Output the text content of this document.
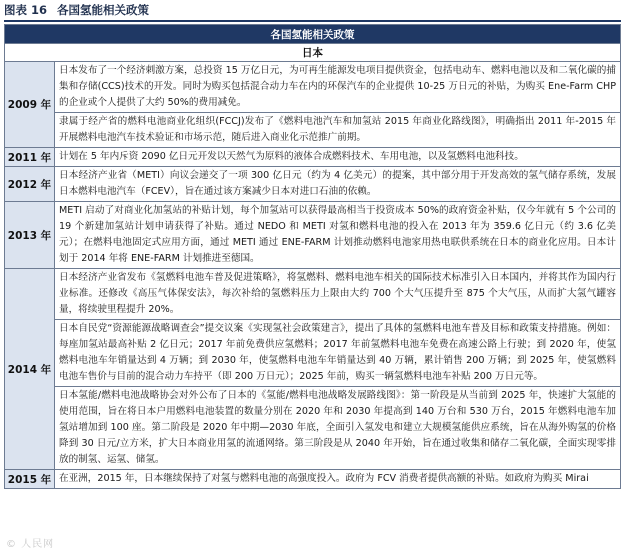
图表 16 各国氢能相关政策
各国氢能相关政策	
日本	
2009 年	日本发布了一个经济刺激方案，总投资 15 万亿日元，为可再生能源发电项目提供资金，包括电动车、燃料电池以及和二氧化碳的捕集和存储(CCS)技术的开发。同时为购买包括混合动力车在内的环保汽车的企业提供 10-25 万日元的补贴，为购买 Ene-Farm CHP 的企业或个人提供了大约 50%的费用减免。
	隶属于经产省的燃料电池商业化组织(FCCJ)发布了《燃料电池汽车和加氢站 2015 年商业化路线图》，明确指出 2011 年-2015 年开展燃料电池汽车技术验证和市场示范，随后进入商业化示范推广前期。
2011 年	计划在 5 年内斥资 2090 亿日元开发以天然气为原料的液体合成燃料技术、车用电池，以及氢燃料电池科技。
2012 年	日本经济产业省（METI）向议会递交了一项 300 亿日元（约为 4 亿美元）的提案，其中部分用于开发高效的氢气储存系统，发展日本燃料电池汽车（FCEV），旨在通过该方案减少日本对进口石油的依赖。
2013 年	METI 启动了对商业化加氢站的补贴计划，每个加氢站可以获得最高相当于投资成本 50%的政府资金补贴，仅今年就有 5 个公司的 19 个新建加氢站计划申请获得了补贴。通过 NEDO 和 METI 对氢和燃料电池的投入在 2013 年为 359.6 亿日元（约 3.6 亿美元）；在燃料电池固定式应用方面，通过 METI 通过 ENE-FARM 计划推动燃料电池家用热电联供系统在日本的商业化应用。日本计划于 2014 年将 ENE-FARM 计划推进至德国。
2014 年	日本经济产业省发布《氢燃料电池车普及促进策略》，将氢燃料、燃料电池车相关的国际技术标准引入日本国内，并将其作为国内行业标准。还修改《高压气体保安法》，每次补给的氢燃料压力上限由大约 700 个大气压提升至 875 个大气压，从而扩大氢气罐容量，将续驶里程提升 20%。
	日本自民党“资源能源战略调查会”提交议案《实现氢社会政策建言》，提出了具体的氢燃料电池车普及目标和政策支持措施。例如：每座加氢站最高补贴 2 亿日元；2017 年前免费供应氢燃料；2017 年前氢燃料电池车免费在高速公路上行驶；到 2020 年，使氢燃料电池车年销量达到 4 万辆；到 2030 年，使氢燃料电池车年销量达到 40 万辆，累计销售 200 万辆；到 2025 年，使氢燃料电池车售价与目前的混合动力车持平（即 200 万日元）；2025 年前，购买一辆氢燃料电池车补贴 200 万日元等。
	日本氢能/燃料电池战略协会对外公布了日本的《氢能/燃料电池战略发展路线图》：第一阶段是从当前到 2025 年，快速扩大氢能的使用范围，旨在将日本户用燃料电池装置的数量分别在 2020 年和 2030 年提高到 140 万台和 530 万台，2015 年燃料电池车加氢站增加到 100 座。第二阶段是 2020 年中期—2030 年底，全面引入氢发电和建立大规模氢能供应系统，旨在从海外购氢的价格降到 30 日元/立方米，扩大日本商业用氢的流通网络。第三阶段是从 2040 年开始，旨在通过收集和储存二氧化碳，全面实现零排放的制氢、运氢、储氢。
2015 年	在亚洲，2015 年，日本继续保持了对氢与燃料电池的高强度投入。政府为 FCV 消费者提供高额的补贴。如政府为购买 Mirai
© 人民网
